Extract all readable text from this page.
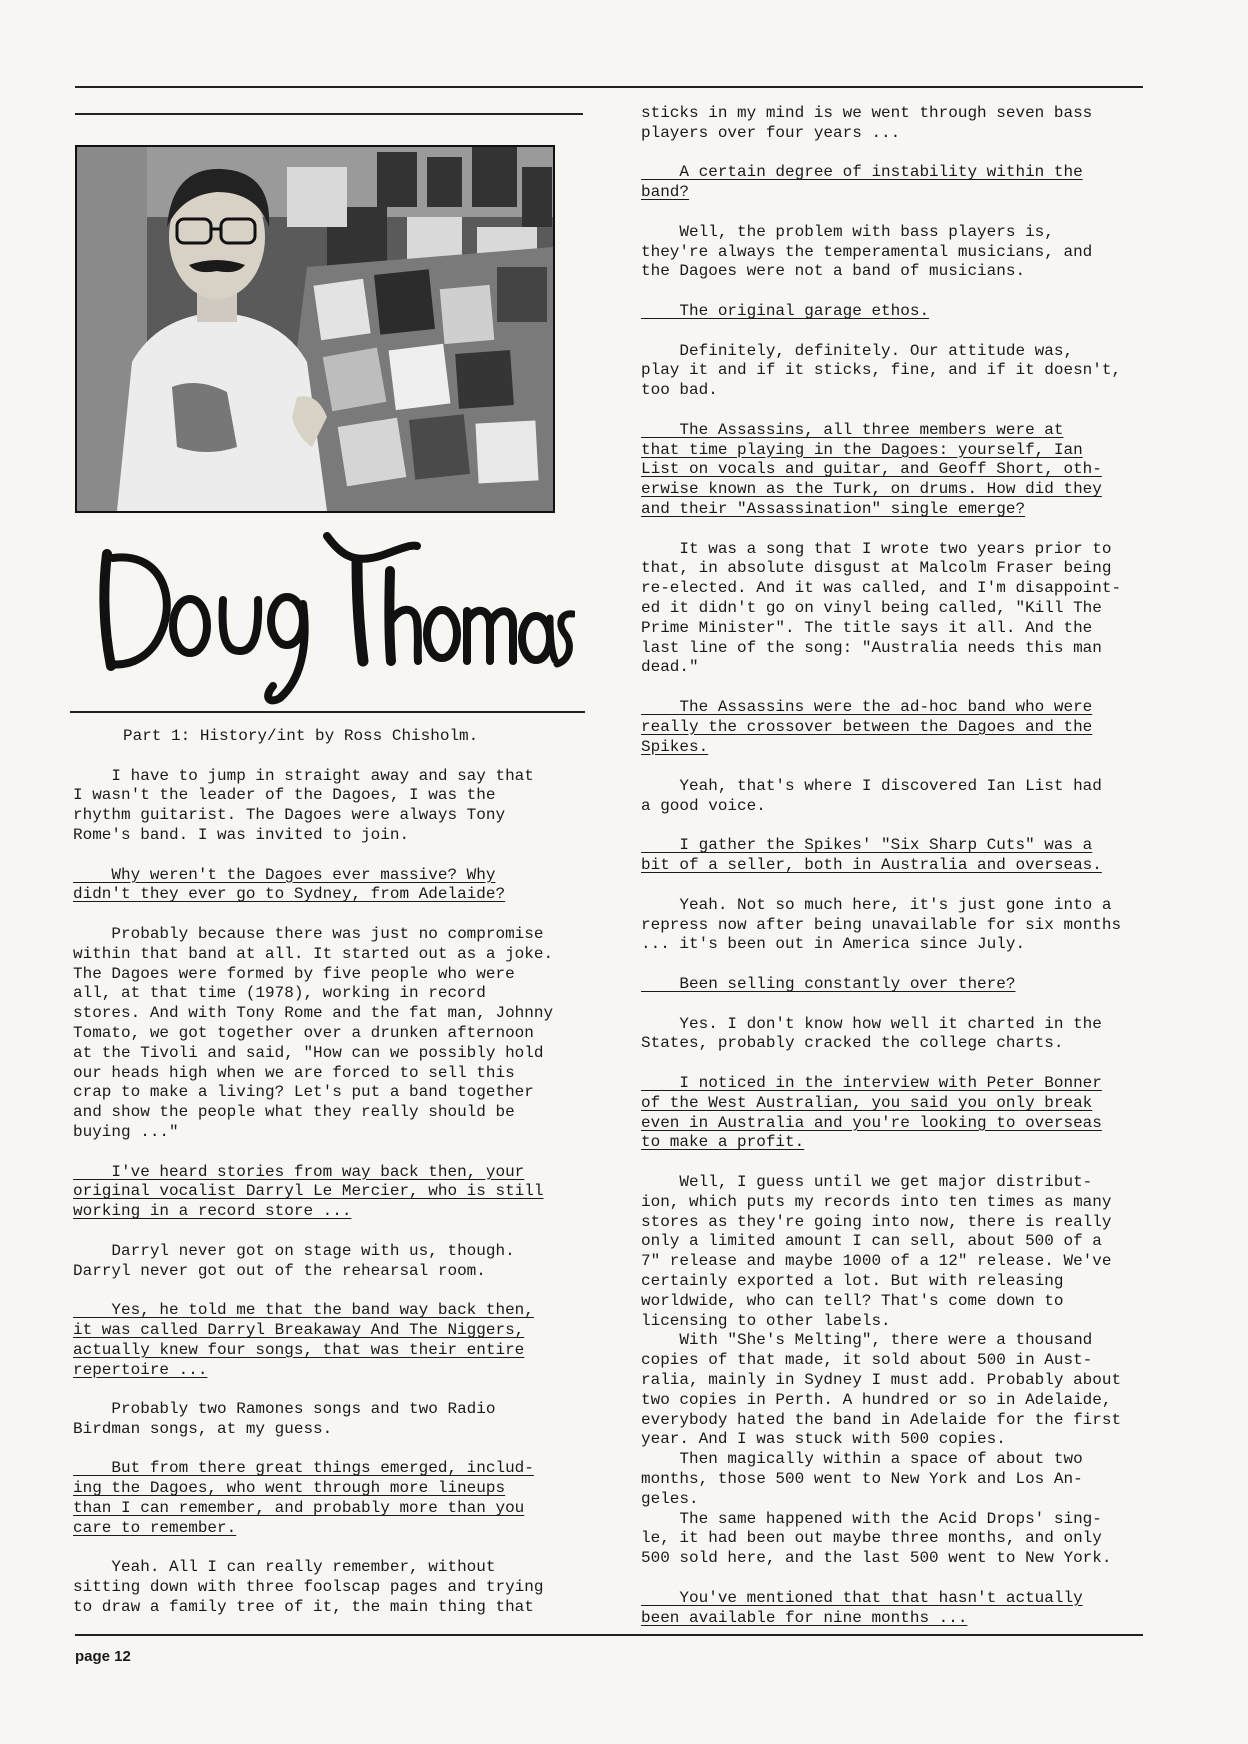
Part 1: History/int by Ross Chisholm.

I have to jump in straight away and say that
I wasn't the leader of the Dagoes, I was the
rhythm guitarist. The Dagoes were always Tony
Rome's band. I was invited to join.

Why weren't the Dagoes ever massive? Why
didn't they ever go to Sydney, from Adelaide?

Probably because there was just no compromise
within that band at all. It started out as a joke.
The Dagoes were formed by five people who were
all, at that time (1978), working in record
stores. And with Tony Rome and the fat man, Johnny
Tomato, we got together over a drunken afternoon
at the Tivoli and said, "How can we possibly hold
our heads high when we are forced to sell this
crap to make a living? Let's put a band together
and show the people what they really should be
buying ..."

I've heard stories from way back then, your
original vocalist Darryl Le Mercier, who is still
working in a record store ...

Darryl never got on stage with us, though.
Darryl never got out of the rehearsal room.

Yes, he told me that the band way back then,
it was called Darryl Breakaway And The Niggers,
actually knew four songs, that was their entire
repertoire ...

Probably two Ramones songs and two Radio
Birdman songs, at my guess.

But from there great things emerged, includ-
ing the Dagoes, who went through more lineups
than I can remember, and probably more than you
care to remember.

Yeah. All I can really remember, without
sitting down with three foolscap pages and trying
to draw a family tree of it, the main thing that

sticks in my mind is we went through seven bass
players over four years ...

A certain degree of instability within the
band?

Well, the problem with bass players is,
they're always the temperamental musicians, and
the Dagoes were not a band of musicians.

The original garage ethos.

Definitely, definitely. Our attitude was,
play it and if it sticks, fine, and if it doesn't,
too bad.

The Assassins, all three members were at
that time playing in the Dagoes: yourself, Ian
List on vocals and guitar, and Geoff Short, oth-
erwise known as the Turk, on drums. How did they
and their "Assassination" single emerge?

It was a song that I wrote two years prior to
that, in absolute disgust at Malcolm Fraser being
re-elected. And it was called, and I'm disappoint-
ed it didn't go on vinyl being called, "Kill The
Prime Minister". The title says it all. And the
last line of the song: "Australia needs this man
dead."

The Assassins were the ad-hoc band who were
really the crossover between the Dagoes and the
Spikes.

Yeah, that's where I discovered Ian List had
a good voice.

I gather the Spikes' "Six Sharp Cuts" was a
bit of a seller, both in Australia and overseas.

Yeah. Not so much here, it's just gone into a
repress now after being unavailable for six months
... it's been out in America since July.

Been selling constantly over there?

Yes. I don't know how well it charted in the
States, probably cracked the college charts.

I noticed in the interview with Peter Bonner
of the West Australian, you said you only break
even in Australia and you're looking to overseas
to make a profit.

Well, I guess until we get major distribut-
ion, which puts my records into ten times as many
stores as they're going into now, there is really
only a limited amount I can sell, about 500 of a
7" release and maybe 1000 of a 12" release. We've
certainly exported a lot. But with releasing
worldwide, who can tell? That's come down to
licensing to other labels.

With "She's Melting", there were a thousand
copies of that made, it sold about 500 in Aust-
ralia, mainly in Sydney I must add. Probably about
two copies in Perth. A hundred or so in Adelaide,
everybody hated the band in Adelaide for the first
year. And I was stuck with 500 copies.

Then magically within a space of about two
months, those 500 went to New York and Los An-
geles.

The same happened with the Acid Drops' sing-
le, it had been out maybe three months, and only
500 sold here, and the last 500 went to New York.

You've mentioned that that hasn't actually
been available for nine months ...

page 12
